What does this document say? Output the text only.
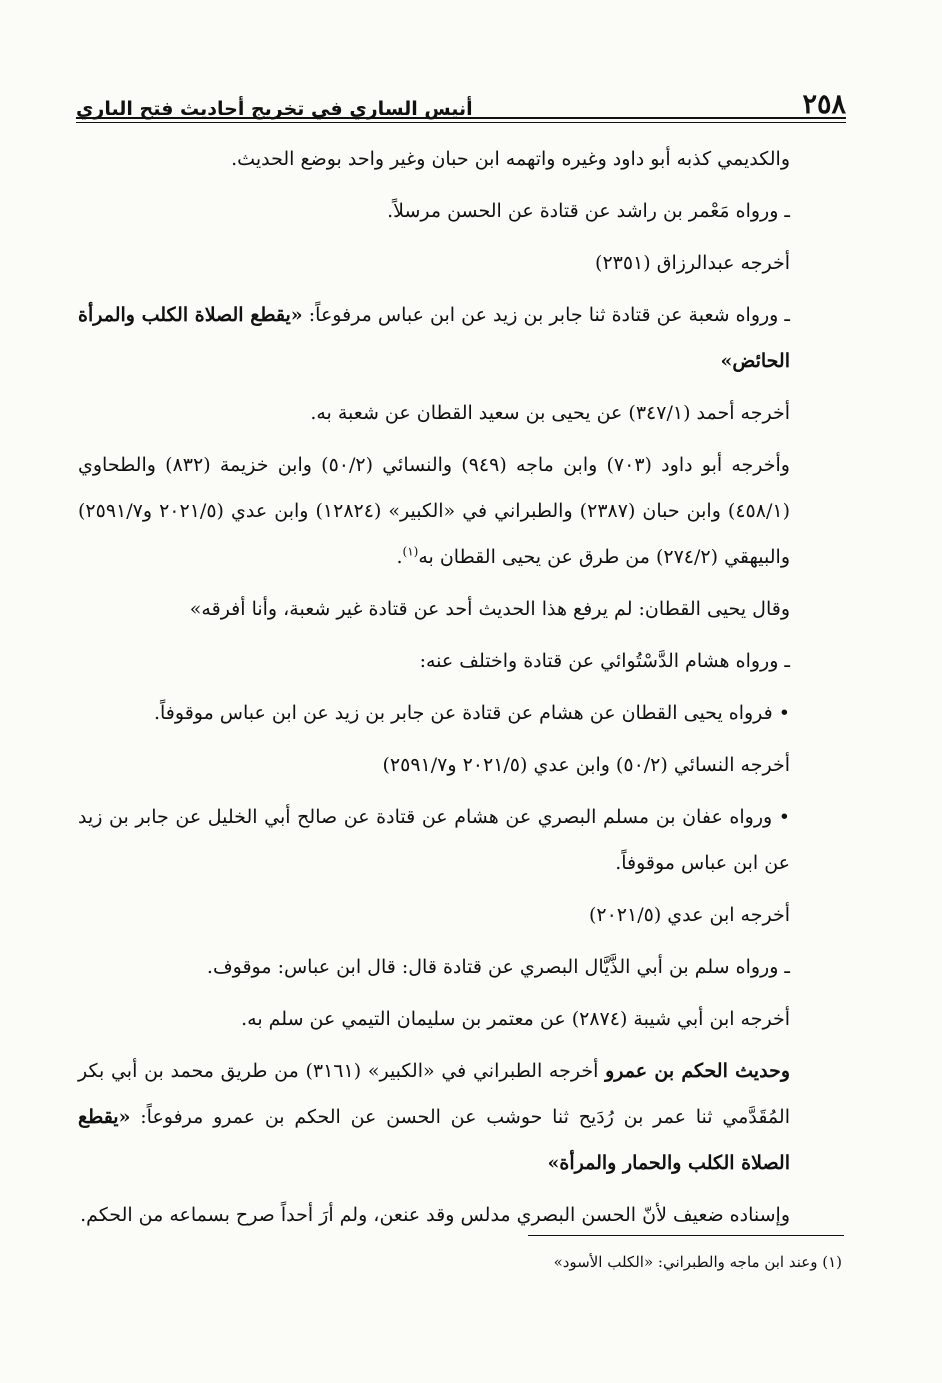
٢٥٨
أنيس الساري في تخريج أحاديث فتح الباري

والكديمي كذبه أبو داود وغيره واتهمه ابن حبان وغير واحد بوضع الحديث.

ـ ورواه مَعْمر بن راشد عن قتادة عن الحسن مرسلاً.

أخرجه عبدالرزاق (٢٣٥١)

ـ ورواه شعبة عن قتادة ثنا جابر بن زيد عن ابن عباس مرفوعاً: «يقطع الصلاة الكلب والمرأة الحائض»

أخرجه أحمد (٣٤٧/١) عن يحيى بن سعيد القطان عن شعبة به.

وأخرجه أبو داود (٧٠٣) وابن ماجه (٩٤٩) والنسائي (٥٠/٢) وابن خزيمة (٨٣٢) والطحاوي (٤٥٨/١) وابن حبان (٢٣٨٧) والطبراني في «الكبير» (١٢٨٢٤) وابن عدي (٢٠٢١/٥ و٢٥٩١/٧) والبيهقي (٢٧٤/٢) من طرق عن يحيى القطان به$^{(١)}$.

وقال يحيى القطان: لم يرفع هذا الحديث أحد عن قتادة غير شعبة، وأنا أفرقه»

ـ ورواه هشام الدَّسْتُوائي عن قتادة واختلف عنه:

• فرواه يحيى القطان عن هشام عن قتادة عن جابر بن زيد عن ابن عباس موقوفاً.

أخرجه النسائي (٥٠/٢) وابن عدي (٢٠٢١/٥ و٢٥٩١/٧)

• ورواه عفان بن مسلم البصري عن هشام عن قتادة عن صالح أبي الخليل عن جابر بن زيد عن ابن عباس موقوفاً.

أخرجه ابن عدي (٢٠٢١/٥)

ـ ورواه سلم بن أبي الذَّيَّال البصري عن قتادة قال: قال ابن عباس: موقوف.

أخرجه ابن أبي شيبة (٢٨٧٤) عن معتمر بن سليمان التيمي عن سلم به.

وحديث الحكم بن عمرو أخرجه الطبراني في «الكبير» (٣١٦١) من طريق محمد بن أبي بكر المُقَدَّمي ثنا عمر بن رُدَيح ثنا حوشب عن الحسن عن الحكم بن عمرو مرفوعاً: «يقطع الصلاة الكلب والحمار والمرأة»

وإسناده ضعيف لأنّ الحسن البصري مدلس وقد عنعن، ولم أرَ أحداً صرح بسماعه من الحكم.

(١) وعند ابن ماجه والطبراني: «الكلب الأسود»
